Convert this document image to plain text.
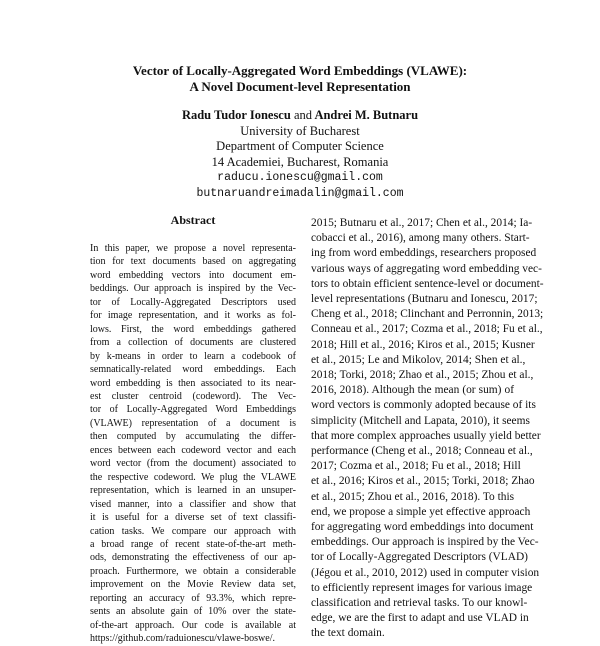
Vector of Locally-Aggregated Word Embeddings (VLAWE):
A Novel Document-level Representation
Radu Tudor Ionescu and Andrei M. Butnaru
University of Bucharest
Department of Computer Science
14 Academiei, Bucharest, Romania
raducu.ionescu@gmail.com
butnaruandreimadalin@gmail.com
Abstract
In this paper, we propose a novel representa-
tion for text documents based on aggregating
word embedding vectors into document em-
beddings. Our approach is inspired by the Vec-
tor of Locally-Aggregated Descriptors used
for image representation, and it works as fol-
lows. First, the word embeddings gathered
from a collection of documents are clustered
by k-means in order to learn a codebook of
semnatically-related word embeddings. Each
word embedding is then associated to its near-
est cluster centroid (codeword). The Vec-
tor of Locally-Aggregated Word Embeddings
(VLAWE) representation of a document is
then computed by accumulating the differ-
ences between each codeword vector and each
word vector (from the document) associated to
the respective codeword. We plug the VLAWE
representation, which is learned in an unsuper-
vised manner, into a classifier and show that
it is useful for a diverse set of text classifi-
cation tasks. We compare our approach with
a broad range of recent state-of-the-art meth-
ods, demonstrating the effectiveness of our ap-
proach. Furthermore, we obtain a considerable
improvement on the Movie Review data set,
reporting an accuracy of 93.3%, which repre-
sents an absolute gain of 10% over the state-
of-the-art approach. Our code is available at
https://github.com/raduionescu/vlawe-boswe/.
2015; Butnaru et al., 2017; Chen et al., 2014; Ia-
cobacci et al., 2016), among many others. Start-
ing from word embeddings, researchers proposed
various ways of aggregating word embedding vec-
tors to obtain efficient sentence-level or document-
level representations (Butnaru and Ionescu, 2017;
Cheng et al., 2018; Clinchant and Perronnin, 2013;
Conneau et al., 2017; Cozma et al., 2018; Fu et al.,
2018; Hill et al., 2016; Kiros et al., 2015; Kusner
et al., 2015; Le and Mikolov, 2014; Shen et al.,
2018; Torki, 2018; Zhao et al., 2015; Zhou et al.,
2016, 2018). Although the mean (or sum) of
word vectors is commonly adopted because of its
simplicity (Mitchell and Lapata, 2010), it seems
that more complex approaches usually yield better
performance (Cheng et al., 2018; Conneau et al.,
2017; Cozma et al., 2018; Fu et al., 2018; Hill
et al., 2016; Kiros et al., 2015; Torki, 2018; Zhao
et al., 2015; Zhou et al., 2016, 2018). To this
end, we propose a simple yet effective approach
for aggregating word embeddings into document
embeddings. Our approach is inspired by the Vec-
tor of Locally-Aggregated Descriptors (VLAD)
(Jégou et al., 2010, 2012) used in computer vision
to efficiently represent images for various image
classification and retrieval tasks. To our knowl-
edge, we are the first to adapt and use VLAD in
the text domain.
